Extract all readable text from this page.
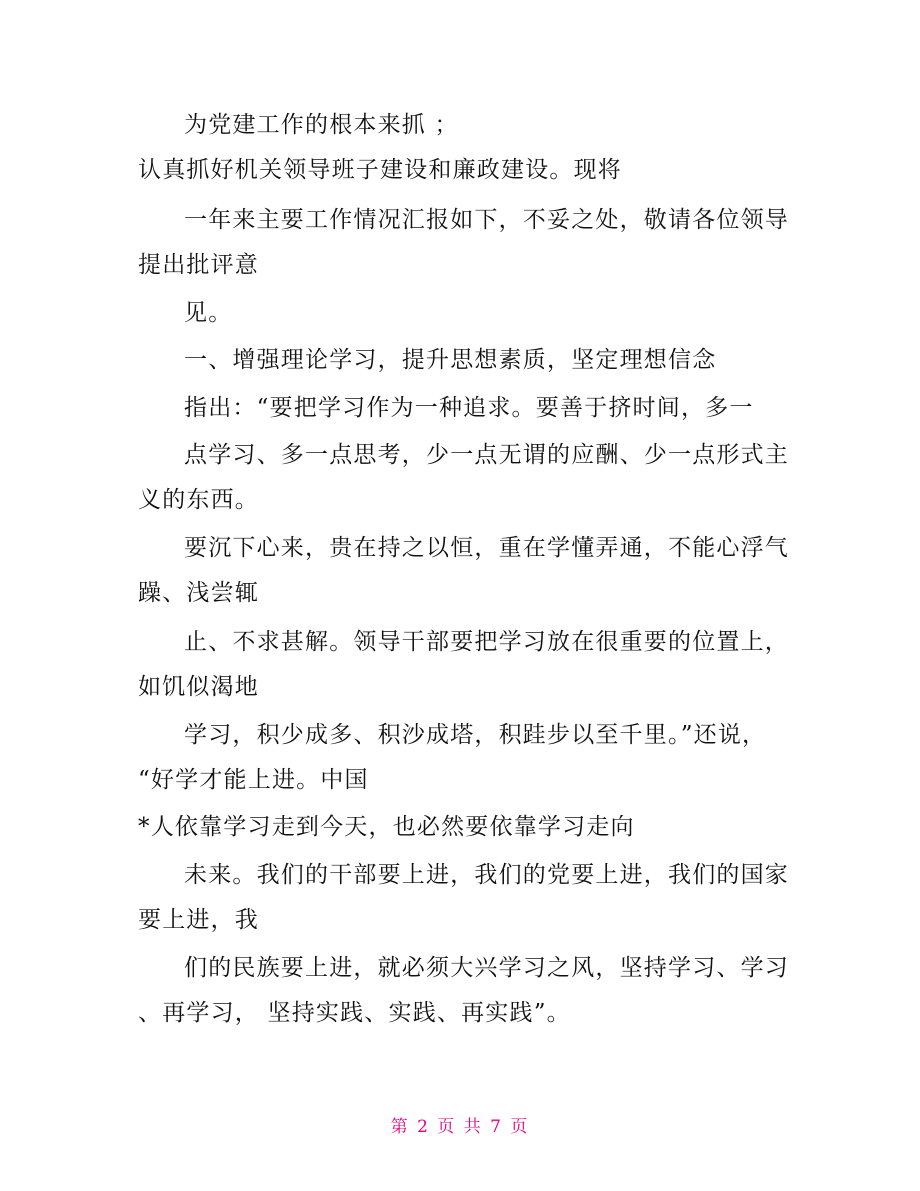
为党建工作的根本来抓 ；
认真抓好机关领导班子建设和廉政建设。现将
一年来主要工作情况汇报如下，不妥之处，敬请各位领导
提出批评意
见。
一、增强理论学习，提升思想素质，坚定理想信念
指出：“要把学习作为一种追求。要善于挤时间，多一
点学习、多一点思考，少一点无谓的应酬、少一点形式主
义的东西。
要沉下心来，贵在持之以恒，重在学懂弄通，不能心浮气
躁、浅尝辄
止、不求甚解。领导干部要把学习放在很重要的位置上，
如饥似渴地
学习，积少成多、积沙成塔，积跬步以至千里。”还说，
“好学才能上进。中国
*人依靠学习走到今天，也必然要依靠学习走向
未来。我们的干部要上进，我们的党要上进，我们的国家
要上进，我
们的民族要上进，就必须大兴学习之风，坚持学习、学习
、再学习， 坚持实践、实践、再实践”。
第 2 页 共 7 页
